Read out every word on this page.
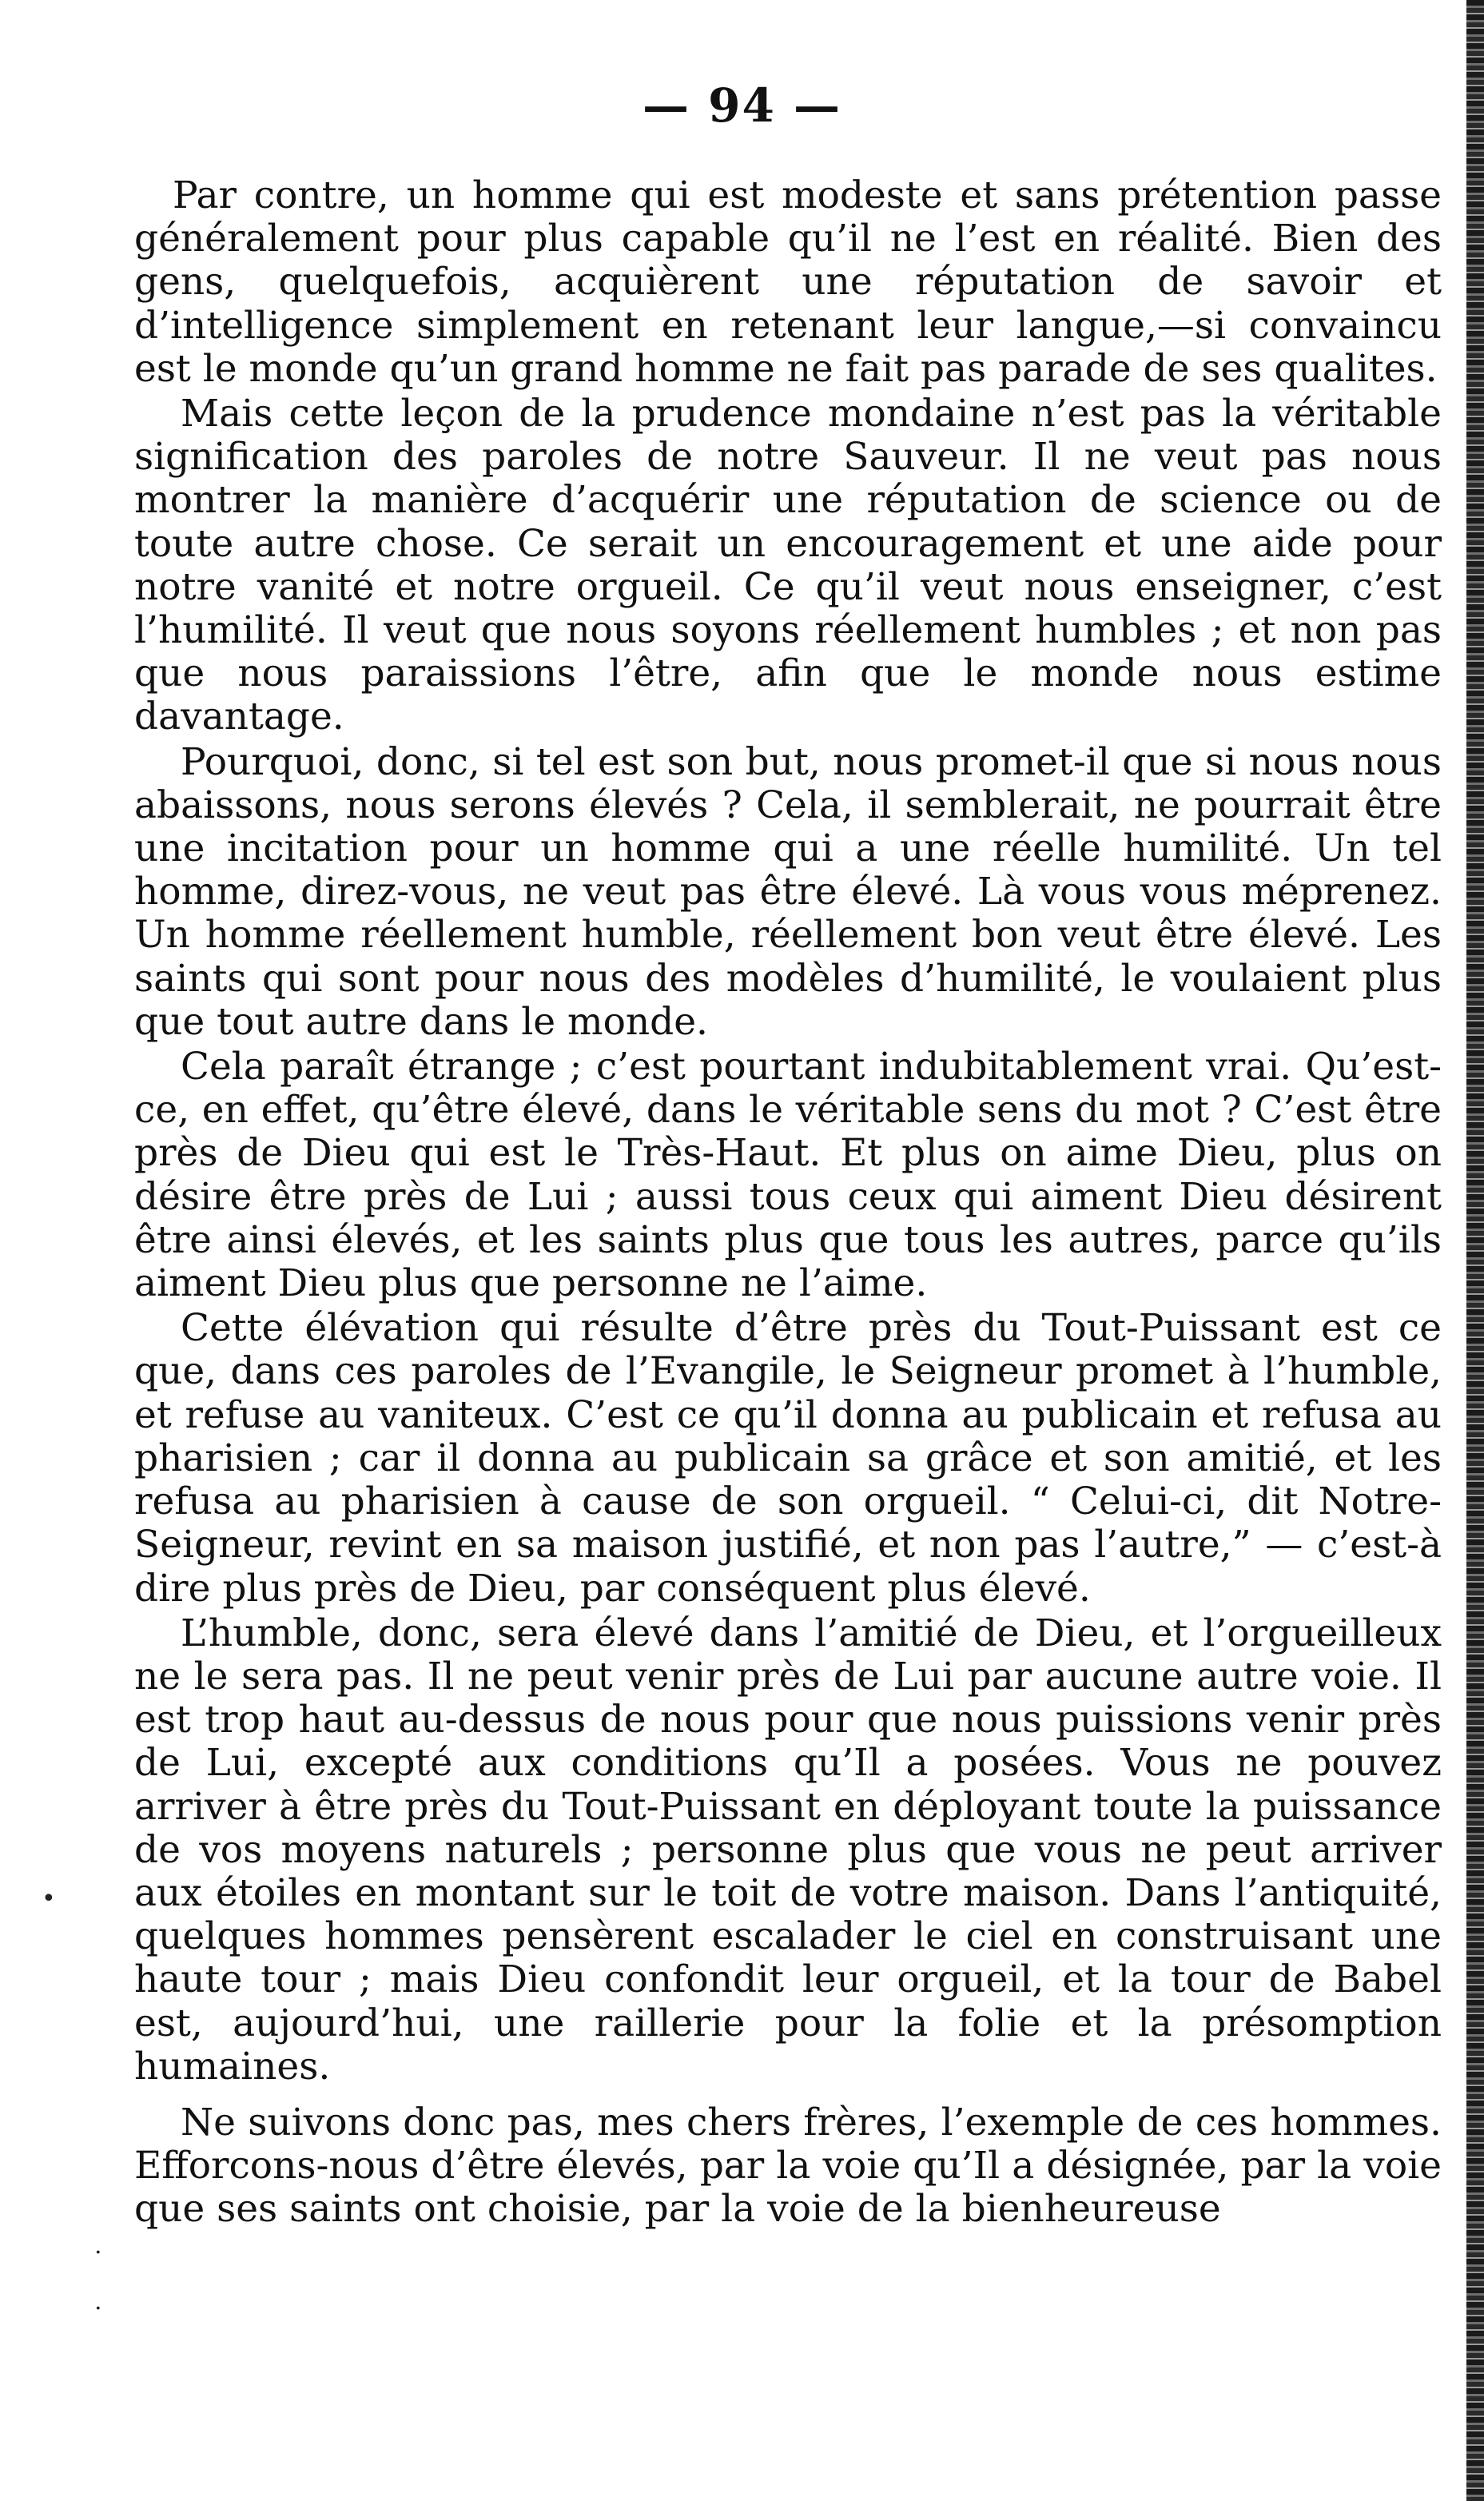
— 94 —

Par contre, un homme qui est modeste et sans prétention passe généralement pour plus capable qu’il ne l’est en réalité. Bien des gens, quelquefois, acquièrent une réputation de savoir et d’intelligence simplement en retenant leur langue,—si convaincu est le monde qu’un grand homme ne fait pas parade de ses qualites.

Mais cette leçon de la prudence mondaine n’est pas la véritable signification des paroles de notre Sauveur. Il ne veut pas nous montrer la manière d’acquérir une réputation de science ou de toute autre chose. Ce serait un encouragement et une aide pour notre vanité et notre orgueil. Ce qu’il veut nous enseigner, c’est l’humilité. Il veut que nous soyons réellement humbles ; et non pas que nous paraissions l’être, afin que le monde nous estime davantage.

Pourquoi, donc, si tel est son but, nous promet-il que si nous nous abaissons, nous serons élevés ? Cela, il semblerait, ne pourrait être une incitation pour un homme qui a une réelle humilité. Un tel homme, direz-vous, ne veut pas être élevé. Là vous vous méprenez. Un homme réellement humble, réellement bon veut être élevé. Les saints qui sont pour nous des modèles d’humilité, le voulaient plus que tout autre dans le monde.

Cela paraît étrange ; c’est pourtant indubitablement vrai. Qu’est-ce, en effet, qu’être élevé, dans le véritable sens du mot ? C’est être près de Dieu qui est le Très-Haut. Et plus on aime Dieu, plus on désire être près de Lui ; aussi tous ceux qui aiment Dieu désirent être ainsi élevés, et les saints plus que tous les autres, parce qu’ils aiment Dieu plus que personne ne l’aime.

Cette élévation qui résulte d’être près du Tout-Puissant est ce que, dans ces paroles de l’Evangile, le Seigneur promet à l’humble, et refuse au vaniteux. C’est ce qu’il donna au publicain et refusa au pharisien ; car il donna au publicain sa grâce et son amitié, et les refusa au pharisien à cause de son orgueil. “ Celui-ci, dit Notre-Seigneur, revint en sa maison justifié, et non pas l’autre,” — c’est-à dire plus près de Dieu, par conséquent plus élevé.

L’humble, donc, sera élevé dans l’amitié de Dieu, et l’orgueilleux ne le sera pas. Il ne peut venir près de Lui par aucune autre voie. Il est trop haut au-dessus de nous pour que nous puissions venir près de Lui, excepté aux conditions qu’Il a posées. Vous ne pouvez arriver à être près du Tout-Puissant en déployant toute la puissance de vos moyens naturels ; personne plus que vous ne peut arriver aux étoiles en montant sur le toit de votre maison. Dans l’antiquité, quelques hommes pensèrent escalader le ciel en construisant une haute tour ; mais Dieu confondit leur orgueil, et la tour de Babel est, aujourd’hui, une raillerie pour la folie et la présomption humaines.

Ne suivons donc pas, mes chers frères, l’exemple de ces hommes. Efforcons-nous d’être élevés, par la voie qu’Il a désignée, par la voie que ses saints ont choisie, par la voie de la bienheureuse

•
.
.
